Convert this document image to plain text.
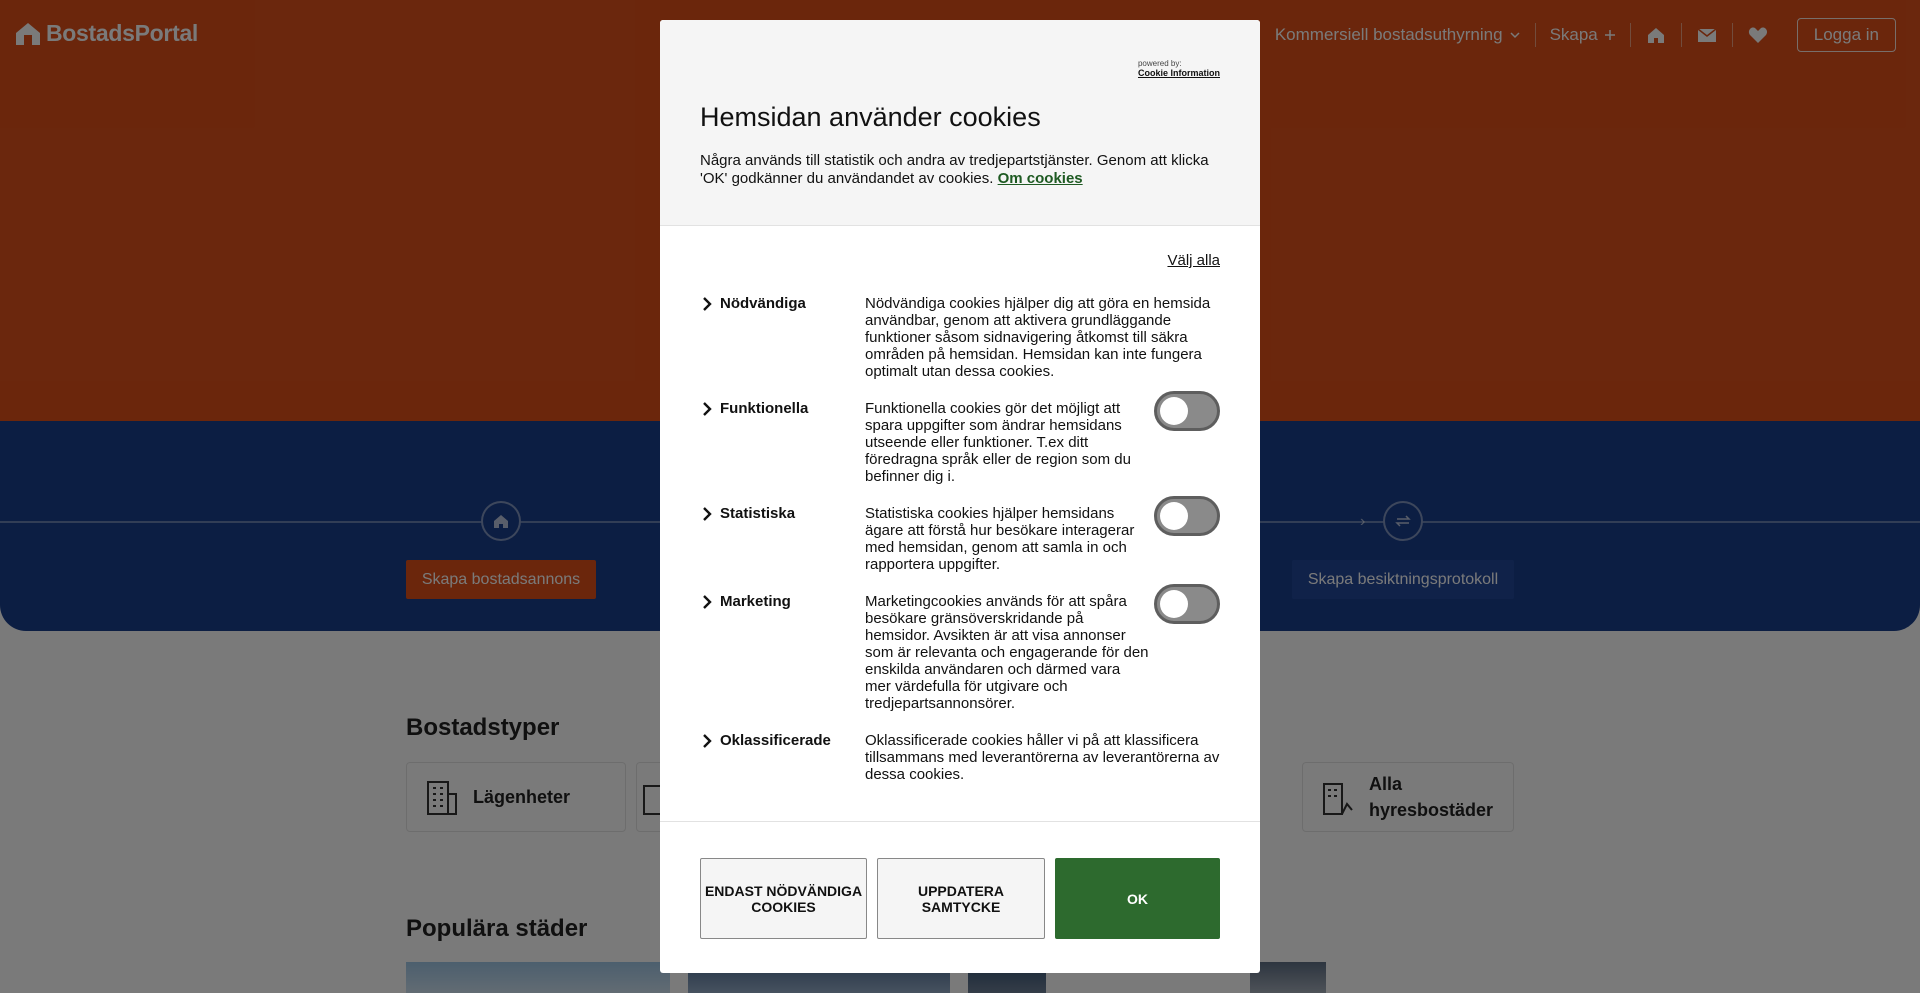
powered by:
Cookie Information
Hemsidan använder cookies
Några används till statistik och andra av tredjepartstjänster. Genom att klicka 'OK' godkänner du användandet av cookies. Om cookies
Välj alla
Nödvändiga	Nödvändiga cookies hjälper dig att göra en hemsida användbar, genom att aktivera grundläggande funktioner såsom sidnavigering åtkomst till säkra områden på hemsidan. Hemsidan kan inte fungera optimalt utan dessa cookies.
Funktionella	Funktionella cookies gör det möjligt att spara uppgifter som ändrar hemsidans utseende eller funktioner. T.ex ditt föredragna språk eller de region som du befinner dig i.
Statistiska	Statistiska cookies hjälper hemsidans ägare att förstå hur besökare interagerar med hemsidan, genom att samla in och rapportera uppgifter.
Marketing	Marketingcookies används för att spåra besökare gränsöverskridande på hemsidor. Avsikten är att visa annonser som är relevanta och engagerande för den enskilda användaren och därmed vara mer värdefulla för utgivare och tredjepartsannonsörer.
Oklassificerade Oklassificerade cookies håller vi på att klassificera tillsammans med leverantörerna av leverantörerna av dessa cookies.
ENDAST NÖDVÄNDIGA COOKIES
UPPDATERA SAMTYCKE	OK
